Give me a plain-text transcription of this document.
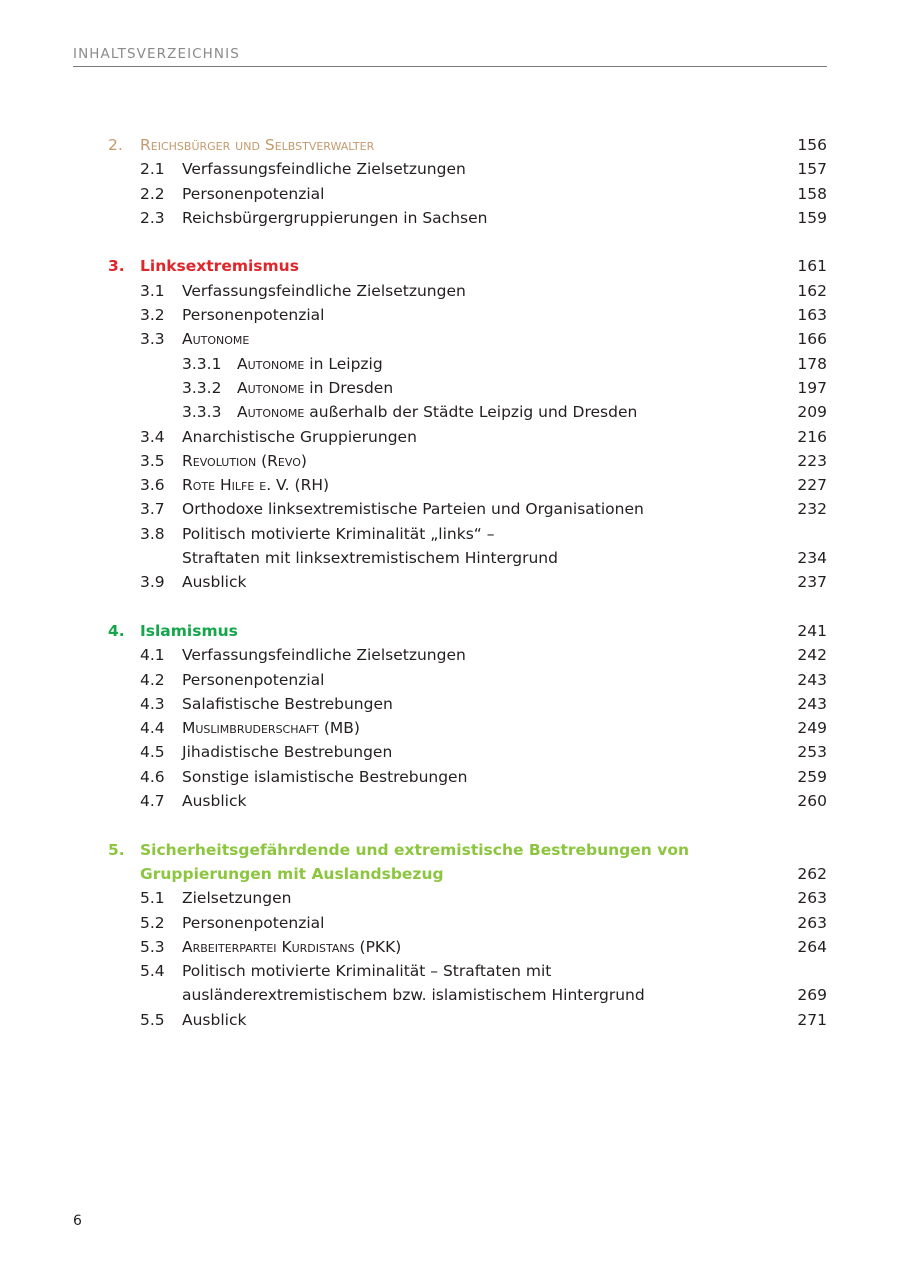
INHALTSVERZEICHNIS
2. Reichsbürger und Selbstverwalter	156
2.1 Verfassungsfeindliche Zielsetzungen	157
2.2 Personenpotenzial	158
2.3 Reichsbürgergruppierungen in Sachsen	159
3. Linksextremismus	161
3.1 Verfassungsfeindliche Zielsetzungen	162
3.2 Personenpotenzial	163
3.3 Autonome	166
3.3.1 Autonome in Leipzig	178
3.3.2 Autonome in Dresden	197
3.3.3 Autonome außerhalb der Städte Leipzig und Dresden	209
3.4 Anarchistische Gruppierungen	216
3.5 Revolution (Revo)	223
3.6 Rote Hilfe e. V. (RH)	227
3.7 Orthodoxe linksextremistische Parteien und Organisationen	232
3.8 Politisch motivierte Kriminalität „links“ –
Straftaten mit linksextremistischem Hintergrund	234
3.9 Ausblick	237
4. Islamismus	241
4.1 Verfassungsfeindliche Zielsetzungen	242
4.2 Personenpotenzial	243
4.3 Salafistische Bestrebungen	243
4.4 Muslimbruderschaft (MB)	249
4.5 Jihadistische Bestrebungen	253
4.6 Sonstige islamistische Bestrebungen	259
4.7 Ausblick	260
5. Sicherheitsgefährdende und extremistische Bestrebungen von
Gruppierungen mit Auslandsbezug	262
5.1 Zielsetzungen	263
5.2 Personenpotenzial	263
5.3 Arbeiterpartei Kurdistans (PKK)	264
5.4 Politisch motivierte Kriminalität – Straftaten mit
ausländerextremistischem bzw. islamistischem Hintergrund	269
5.5 Ausblick	271
6
